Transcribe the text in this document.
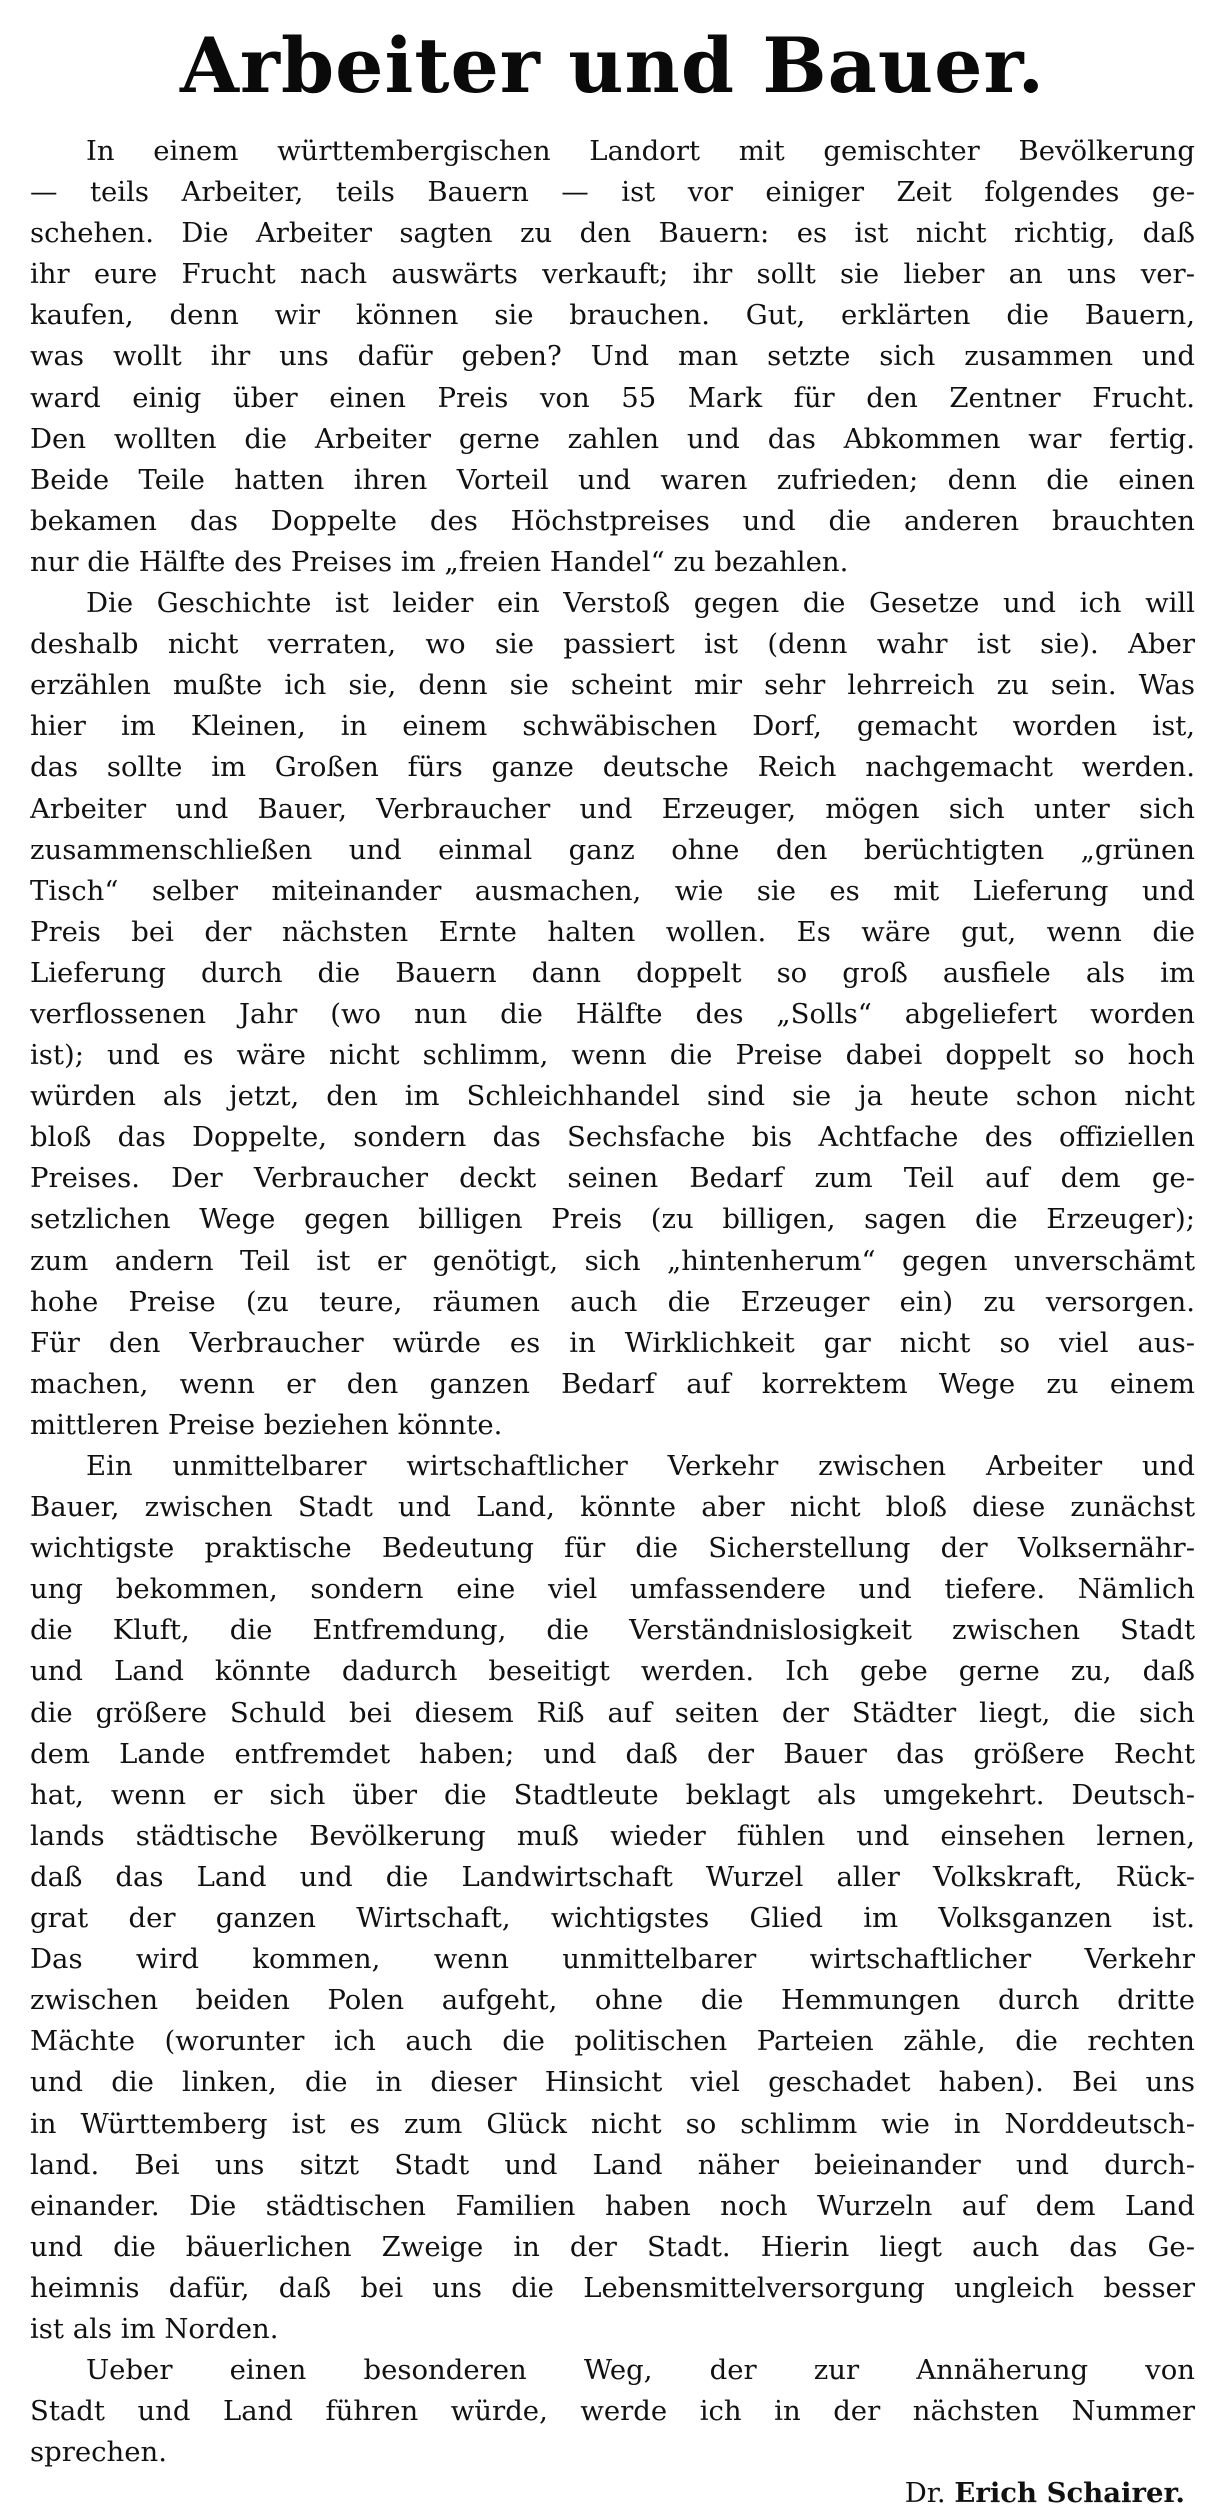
Arbeiter und Bauer.
In einem württembergischen Landort mit gemischter Bevölkerung
— teils Arbeiter, teils Bauern — ist vor einiger Zeit folgendes ge-
schehen. Die Arbeiter sagten zu den Bauern: es ist nicht richtig, daß
ihr eure Frucht nach auswärts verkauft; ihr sollt sie lieber an uns ver-
kaufen, denn wir können sie brauchen. Gut, erklärten die Bauern,
was wollt ihr uns dafür geben? Und man setzte sich zusammen und
ward einig über einen Preis von 55 Mark für den Zentner Frucht.
Den wollten die Arbeiter gerne zahlen und das Abkommen war fertig.
Beide Teile hatten ihren Vorteil und waren zufrieden; denn die einen
bekamen das Doppelte des Höchstpreises und die anderen brauchten
nur die Hälfte des Preises im „freien Handel“ zu bezahlen.
Die Geschichte ist leider ein Verstoß gegen die Gesetze und ich will
deshalb nicht verraten, wo sie passiert ist (denn wahr ist sie). Aber
erzählen mußte ich sie, denn sie scheint mir sehr lehrreich zu sein. Was
hier im Kleinen, in einem schwäbischen Dorf, gemacht worden ist,
das sollte im Großen fürs ganze deutsche Reich nachgemacht werden.
Arbeiter und Bauer, Verbraucher und Erzeuger, mögen sich unter sich
zusammenschließen und einmal ganz ohne den berüchtigten „grünen
Tisch“ selber miteinander ausmachen, wie sie es mit Lieferung und
Preis bei der nächsten Ernte halten wollen. Es wäre gut, wenn die
Lieferung durch die Bauern dann doppelt so groß ausfiele als im
verflossenen Jahr (wo nun die Hälfte des „Solls“ abgeliefert worden
ist); und es wäre nicht schlimm, wenn die Preise dabei doppelt so hoch
würden als jetzt, den im Schleichhandel sind sie ja heute schon nicht
bloß das Doppelte, sondern das Sechsfache bis Achtfache des offiziellen
Preises. Der Verbraucher deckt seinen Bedarf zum Teil auf dem ge-
setzlichen Wege gegen billigen Preis (zu billigen, sagen die Erzeuger);
zum andern Teil ist er genötigt, sich „hintenherum“ gegen unverschämt
hohe Preise (zu teure, räumen auch die Erzeuger ein) zu versorgen.
Für den Verbraucher würde es in Wirklichkeit gar nicht so viel aus-
machen, wenn er den ganzen Bedarf auf korrektem Wege zu einem
mittleren Preise beziehen könnte.
Ein unmittelbarer wirtschaftlicher Verkehr zwischen Arbeiter und
Bauer, zwischen Stadt und Land, könnte aber nicht bloß diese zunächst
wichtigste praktische Bedeutung für die Sicherstellung der Volksernähr-
ung bekommen, sondern eine viel umfassendere und tiefere. Nämlich
die Kluft, die Entfremdung, die Verständnislosigkeit zwischen Stadt
und Land könnte dadurch beseitigt werden. Ich gebe gerne zu, daß
die größere Schuld bei diesem Riß auf seiten der Städter liegt, die sich
dem Lande entfremdet haben; und daß der Bauer das größere Recht
hat, wenn er sich über die Stadtleute beklagt als umgekehrt. Deutsch-
lands städtische Bevölkerung muß wieder fühlen und einsehen lernen,
daß das Land und die Landwirtschaft Wurzel aller Volkskraft, Rück-
grat der ganzen Wirtschaft, wichtigstes Glied im Volksganzen ist.
Das wird kommen, wenn unmittelbarer wirtschaftlicher Verkehr
zwischen beiden Polen aufgeht, ohne die Hemmungen durch dritte
Mächte (worunter ich auch die politischen Parteien zähle, die rechten
und die linken, die in dieser Hinsicht viel geschadet haben). Bei uns
in Württemberg ist es zum Glück nicht so schlimm wie in Norddeutsch-
land. Bei uns sitzt Stadt und Land näher beieinander und durch-
einander. Die städtischen Familien haben noch Wurzeln auf dem Land
und die bäuerlichen Zweige in der Stadt. Hierin liegt auch das Ge-
heimnis dafür, daß bei uns die Lebensmittelversorgung ungleich besser
ist als im Norden.
Ueber einen besonderen Weg, der zur Annäherung von
Stadt und Land führen würde, werde ich in der nächsten Nummer
sprechen.
Dr. Erich Schairer.
